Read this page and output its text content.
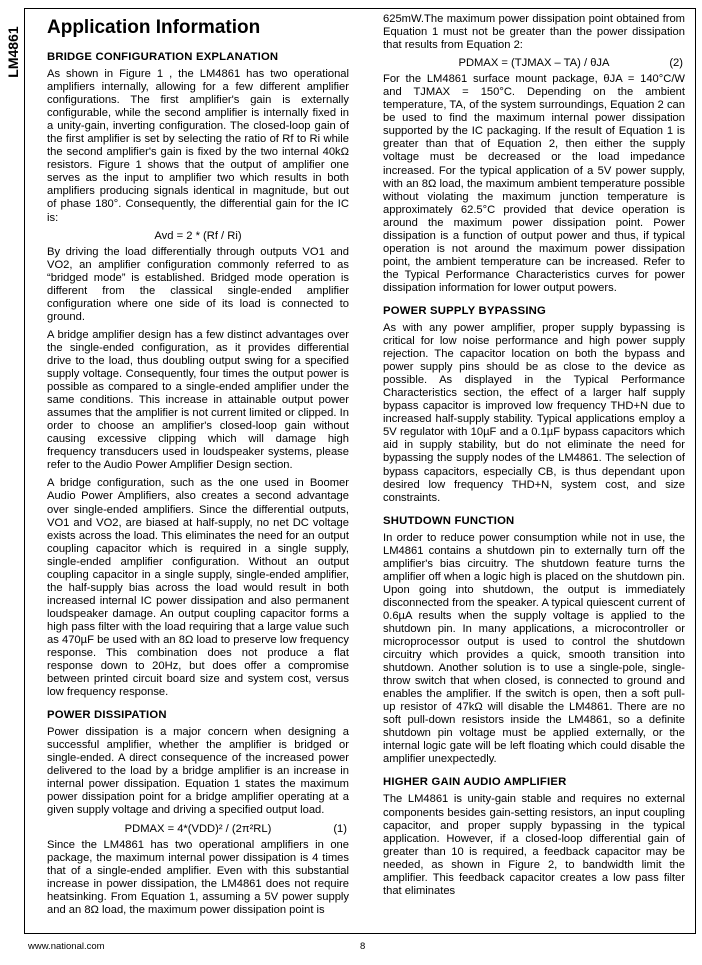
LM4861 Application Information
BRIDGE CONFIGURATION EXPLANATION

As shown in Figure 1 , the LM4861 has two operational amplifiers internally, allowing for a few different amplifier configurations. The first amplifier's gain is externally configurable, while the second amplifier is internally fixed in a unity-gain, inverting configuration. The closed-loop gain of the first amplifier is set by selecting the ratio of Rf to Ri while the second amplifier's gain is fixed by the two internal 40kΩ resistors. Figure 1 shows that the output of amplifier one serves as the input to amplifier two which results in both amplifiers producing signals identical in magnitude, but out of phase 180°. Consequently, the differential gain for the IC is:

Avd = 2 * (Rf / Ri)

By driving the load differentially through outputs VO1 and VO2, an amplifier configuration commonly referred to as “bridged mode” is established. Bridged mode operation is different from the classical single-ended amplifier configuration where one side of its load is connected to ground.

A bridge amplifier design has a few distinct advantages over the single-ended configuration, as it provides differential drive to the load, thus doubling output swing for a specified supply voltage. Consequently, four times the output power is possible as compared to a single-ended amplifier under the same conditions. This increase in attainable output power assumes that the amplifier is not current limited or clipped. In order to choose an amplifier's closed-loop gain without causing excessive clipping which will damage high frequency transducers used in loudspeaker systems, please refer to the Audio Power Amplifier Design section.

A bridge configuration, such as the one used in Boomer Audio Power Amplifiers, also creates a second advantage over single-ended amplifiers. Since the differential outputs, VO1 and VO2, are biased at half-supply, no net DC voltage exists across the load. This eliminates the need for an output coupling capacitor which is required in a single supply, single-ended amplifier configuration. Without an output coupling capacitor in a single supply, single-ended amplifier, the half-supply bias across the load would result in both increased internal IC power dissipation and also permanent loudspeaker damage. An output coupling capacitor forms a high pass filter with the load requiring that a large value such as 470µF be used with an 8Ω load to preserve low frequency response. This combination does not produce a flat response down to 20Hz, but does offer a compromise between printed circuit board size and system cost, versus low frequency response.

POWER DISSIPATION

Power dissipation is a major concern when designing a successful amplifier, whether the amplifier is bridged or single-ended. A direct consequence of the increased power delivered to the load by a bridge amplifier is an increase in internal power dissipation. Equation 1 states the maximum power dissipation point for a bridge amplifier operating at a given supply voltage and driving a specified output load.

PDMAX = 4*(VDD)² / (2π²RL)	(1)

Since the LM4861 has two operational amplifiers in one package, the maximum internal power dissipation is 4 times that of a single-ended amplifier. Even with this substantial increase in power dissipation, the LM4861 does not require heatsinking. From Equation 1, assuming a 5V power supply and an 8Ω load, the maximum power dissipation point is

625mW.The maximum power dissipation point obtained from Equation 1 must not be greater than the power dissipation that results from Equation 2:

PDMAX = (TJMAX – TA) / θJA	(2)

For the LM4861 surface mount package, θJA = 140°C/W and TJMAX = 150°C. Depending on the ambient temperature, TA, of the system surroundings, Equation 2 can be used to find the maximum internal power dissipation supported by the IC packaging. If the result of Equation 1 is greater than that of Equation 2, then either the supply voltage must be decreased or the load impedance increased. For the typical application of a 5V power supply, with an 8Ω load, the maximum ambient temperature possible without violating the maximum junction temperature is approximately 62.5°C provided that device operation is around the maximum power dissipation point. Power dissipation is a function of output power and thus, if typical operation is not around the maximum power dissipation point, the ambient temperature can be increased. Refer to the Typical Performance Characteristics curves for power dissipation information for lower output powers.

POWER SUPPLY BYPASSING

As with any power amplifier, proper supply bypassing is critical for low noise performance and high power supply rejection. The capacitor location on both the bypass and power supply pins should be as close to the device as possible. As displayed in the Typical Performance Characteristics section, the effect of a larger half supply bypass capacitor is improved low frequency THD+N due to increased half-supply stability. Typical applications employ a 5V regulator with 10µF and a 0.1µF bypass capacitors which aid in supply stability, but do not eliminate the need for bypassing the supply nodes of the LM4861. The selection of bypass capacitors, especially CB, is thus dependant upon desired low frequency THD+N, system cost, and size constraints.

SHUTDOWN FUNCTION

In order to reduce power consumption while not in use, the LM4861 contains a shutdown pin to externally turn off the amplifier's bias circuitry. The shutdown feature turns the amplifier off when a logic high is placed on the shutdown pin. Upon going into shutdown, the output is immediately disconnected from the speaker. A typical quiescent current of 0.6µA results when the supply voltage is applied to the shutdown pin. In many applications, a microcontroller or microprocessor output is used to control the shutdown circuitry which provides a quick, smooth transition into shutdown. Another solution is to use a single-pole, single-throw switch that when closed, is connected to ground and enables the amplifier. If the switch is open, then a soft pull-up resistor of 47kΩ will disable the LM4861. There are no soft pull-down resistors inside the LM4861, so a definite shutdown pin voltage must be applied externally, or the internal logic gate will be left floating which could disable the amplifier unexpectedly.

HIGHER GAIN AUDIO AMPLIFIER

The LM4861 is unity-gain stable and requires no external components besides gain-setting resistors, an input coupling capacitor, and proper supply bypassing in the typical application. However, if a closed-loop differential gain of greater than 10 is required, a feedback capacitor may be needed, as shown in Figure 2, to bandwidth limit the amplifier. This feedback capacitor creates a low pass filter that eliminates

www.national.com	8
